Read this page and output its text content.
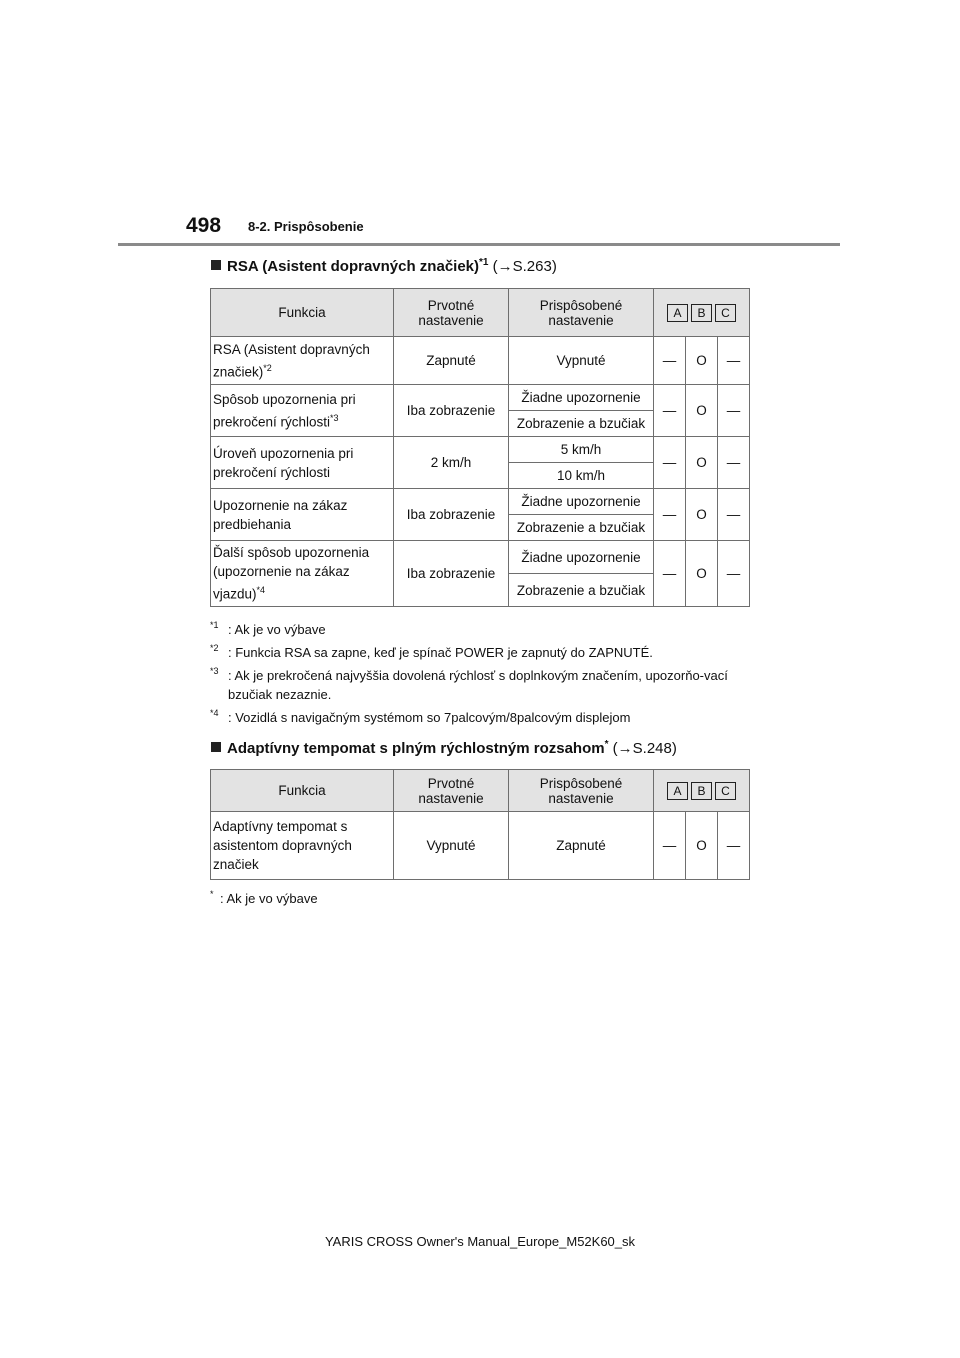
498 8-2. Prispôsobenie
RSA (Asistent dopravných značiek)$^{*1}$ (→S.263)
Funkcia	Prvotné nastavenie	Prispôsobené nastavenie	A B C		

RSA (Asistent dopravných značiek)$^{*2}$	Zapnuté	Vypnuté	—	O	—
Spôsob upozornenia pri prekročení rýchlosti$^{*3}$	Iba zobrazenie	Žiadne upozornenie	—	O	—
		Zobrazenie a bzučiak			
Úroveň upozornenia pri prekročení rýchlosti	2 km/h	5 km/h	—	O	—
		10 km/h			
Upozornenie na zákaz predbiehania	Iba zobrazenie	Žiadne upozornenie	—	O	—
		Zobrazenie a bzučiak			
Ďalší spôsob upozornenia (upozornenie na zákaz vjazdu)$^{*4}$	Iba zobrazenie	Žiadne upozornenie	—	O	—
		Zobrazenie a bzučiak			
*1 : Ak je vo výbave
*2 : Funkcia RSA sa zapne, keď je spínač POWER je zapnutý do ZAPNUTÉ.
*3 : Ak je prekročená najvyššia dovolená rýchlosť s doplnkovým značením, upozorňo-vací bzučiak nezaznie.
*4 : Vozidlá s navigačným systémom so 7palcovým/8palcovým displejom
Adaptívny tempomat s plným rýchlostným rozsahom* (→S.248)
Funkcia	Prvotné nastavenie	Prispôsobené nastavenie	A B C		

Adaptívny tempomat s asistentom dopravných značiek	Vypnuté	Zapnuté	—	O	—
* : Ak je vo výbave
YARIS CROSS Owner's Manual_Europe_M52K60_sk
